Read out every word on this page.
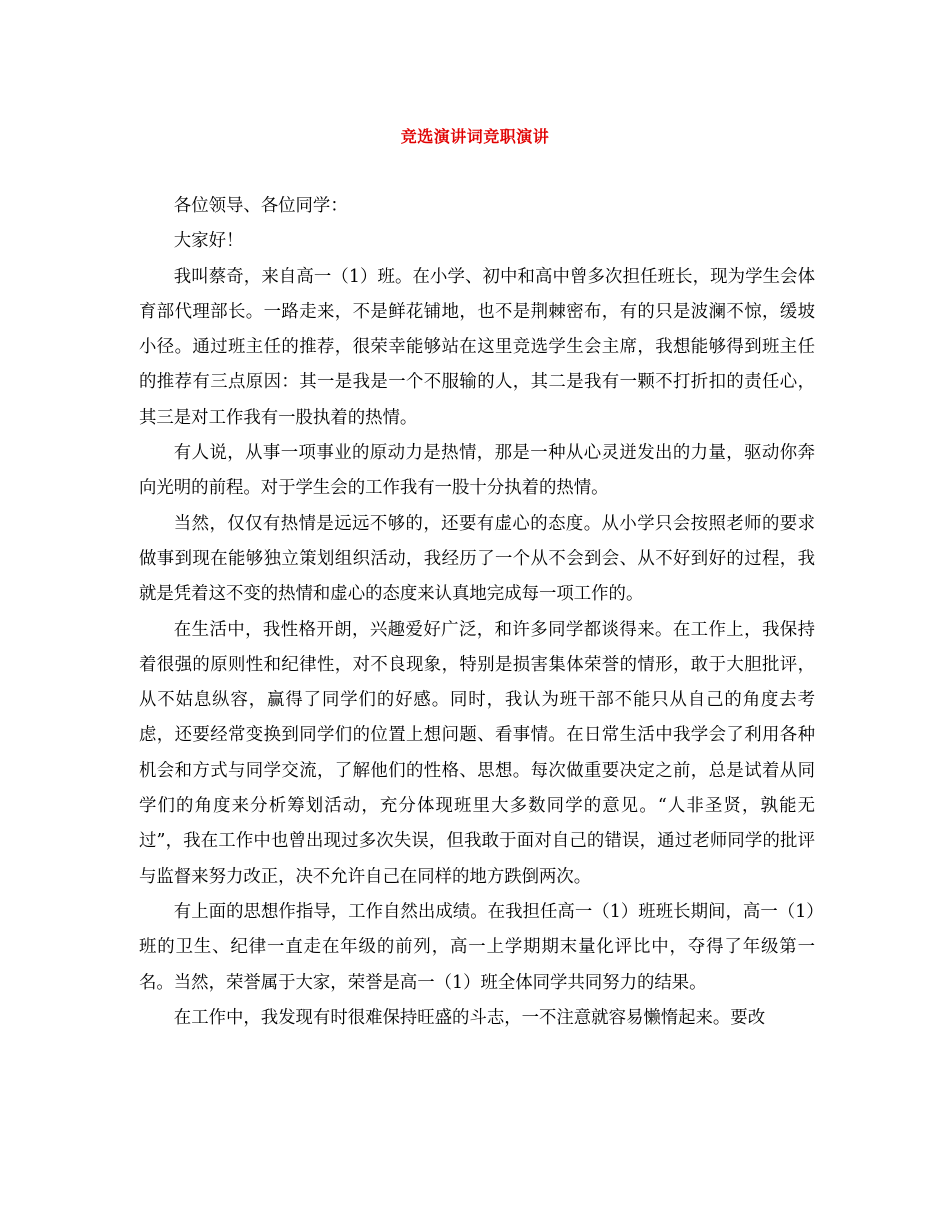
竞选演讲词竞职演讲

各位领导、各位同学：

大家好！

我叫蔡奇，来自高一（1）班。在小学、初中和高中曾多次担任班长，现为学生会体育部代理部长。一路走来，不是鲜花铺地，也不是荆棘密布，有的只是波澜不惊，缓坡小径。通过班主任的推荐，很荣幸能够站在这里竞选学生会主席，我想能够得到班主任的推荐有三点原因：其一是我是一个不服输的人，其二是我有一颗不打折扣的责任心，其三是对工作我有一股执着的热情。

有人说，从事一项事业的原动力是热情，那是一种从心灵迸发出的力量，驱动你奔向光明的前程。对于学生会的工作我有一股十分执着的热情。

当然，仅仅有热情是远远不够的，还要有虚心的态度。从小学只会按照老师的要求做事到现在能够独立策划组织活动，我经历了一个从不会到会、从不好到好的过程，我就是凭着这不变的热情和虚心的态度来认真地完成每一项工作的。

在生活中，我性格开朗，兴趣爱好广泛，和许多同学都谈得来。在工作上，我保持着很强的原则性和纪律性，对不良现象，特别是损害集体荣誉的情形，敢于大胆批评，从不姑息纵容，赢得了同学们的好感。同时，我认为班干部不能只从自己的角度去考虑，还要经常变换到同学们的位置上想问题、看事情。在日常生活中我学会了利用各种机会和方式与同学交流，了解他们的性格、思想。每次做重要决定之前，总是试着从同学们的角度来分析筹划活动，充分体现班里大多数同学的意见。“人非圣贤，孰能无过”，我在工作中也曾出现过多次失误，但我敢于面对自己的错误，通过老师同学的批评与监督来努力改正，决不允许自己在同样的地方跌倒两次。

有上面的思想作指导，工作自然出成绩。在我担任高一（1）班班长期间，高一（1）班的卫生、纪律一直走在年级的前列，高一上学期期末量化评比中，夺得了年级第一名。当然，荣誉属于大家，荣誉是高一（1）班全体同学共同努力的结果。

在工作中，我发现有时很难保持旺盛的斗志，一不注意就容易懒惰起来。要改
